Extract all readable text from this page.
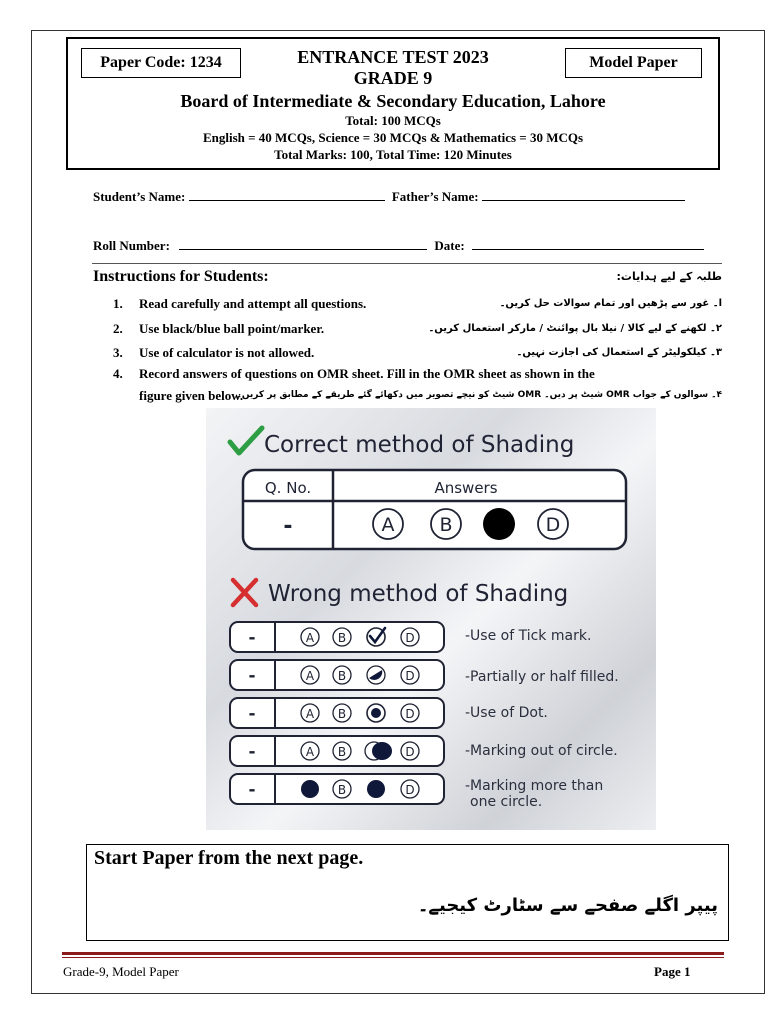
Paper Code: 1234	Model Paper
ENTRANCE TEST 2023
GRADE 9
Board of Intermediate & Secondary Education, Lahore
Total: 100 MCQs
English = 40 MCQs, Science = 30 MCQs & Mathematics = 30 MCQs
Total Marks: 100, Total Time: 120 Minutes
Student’s Name:	Father’s Name:
Roll Number:	Date:
Instructions for Students:	طلبہ کے لیے ہدایات:
1. Read carefully and attempt all questions.	ا۔ غور سے پڑھیں اور تمام سوالات حل کریں۔
2. Use black/blue ball point/marker.	۲۔ لکھنے کے لیے کالا / نیلا بال پوائنٹ / مارکر استعمال کریں۔
3. Use of calculator is not allowed.	۳۔ کیلکولیٹر کے استعمال کی اجازت نہیں۔
4. Record answers of questions on OMR sheet. Fill in the OMR sheet as shown in the
figure given below.
۴۔ سوالوں کے جواب OMR شیٹ پر دیں۔ OMR شیٹ کو نیچے تصویر میں دکھائے گئے طریقے کے مطابق پر کریں۔
Correct method of Shading
Q. No.	Answers
-	A B	D
Wrong method of Shading
-	A B	D	-Use of Tick mark.
-	A B	D	-Partially or half filled.
-	A B	D	-Use of Dot.
-	A B	D	-Marking out of circle.
-	B	D	-Marking more than
one circle.
Start Paper from the next page.
پیپر اگلے صفحے سے سٹارٹ کیجیے۔
Grade-9, Model Paper	Page 1
